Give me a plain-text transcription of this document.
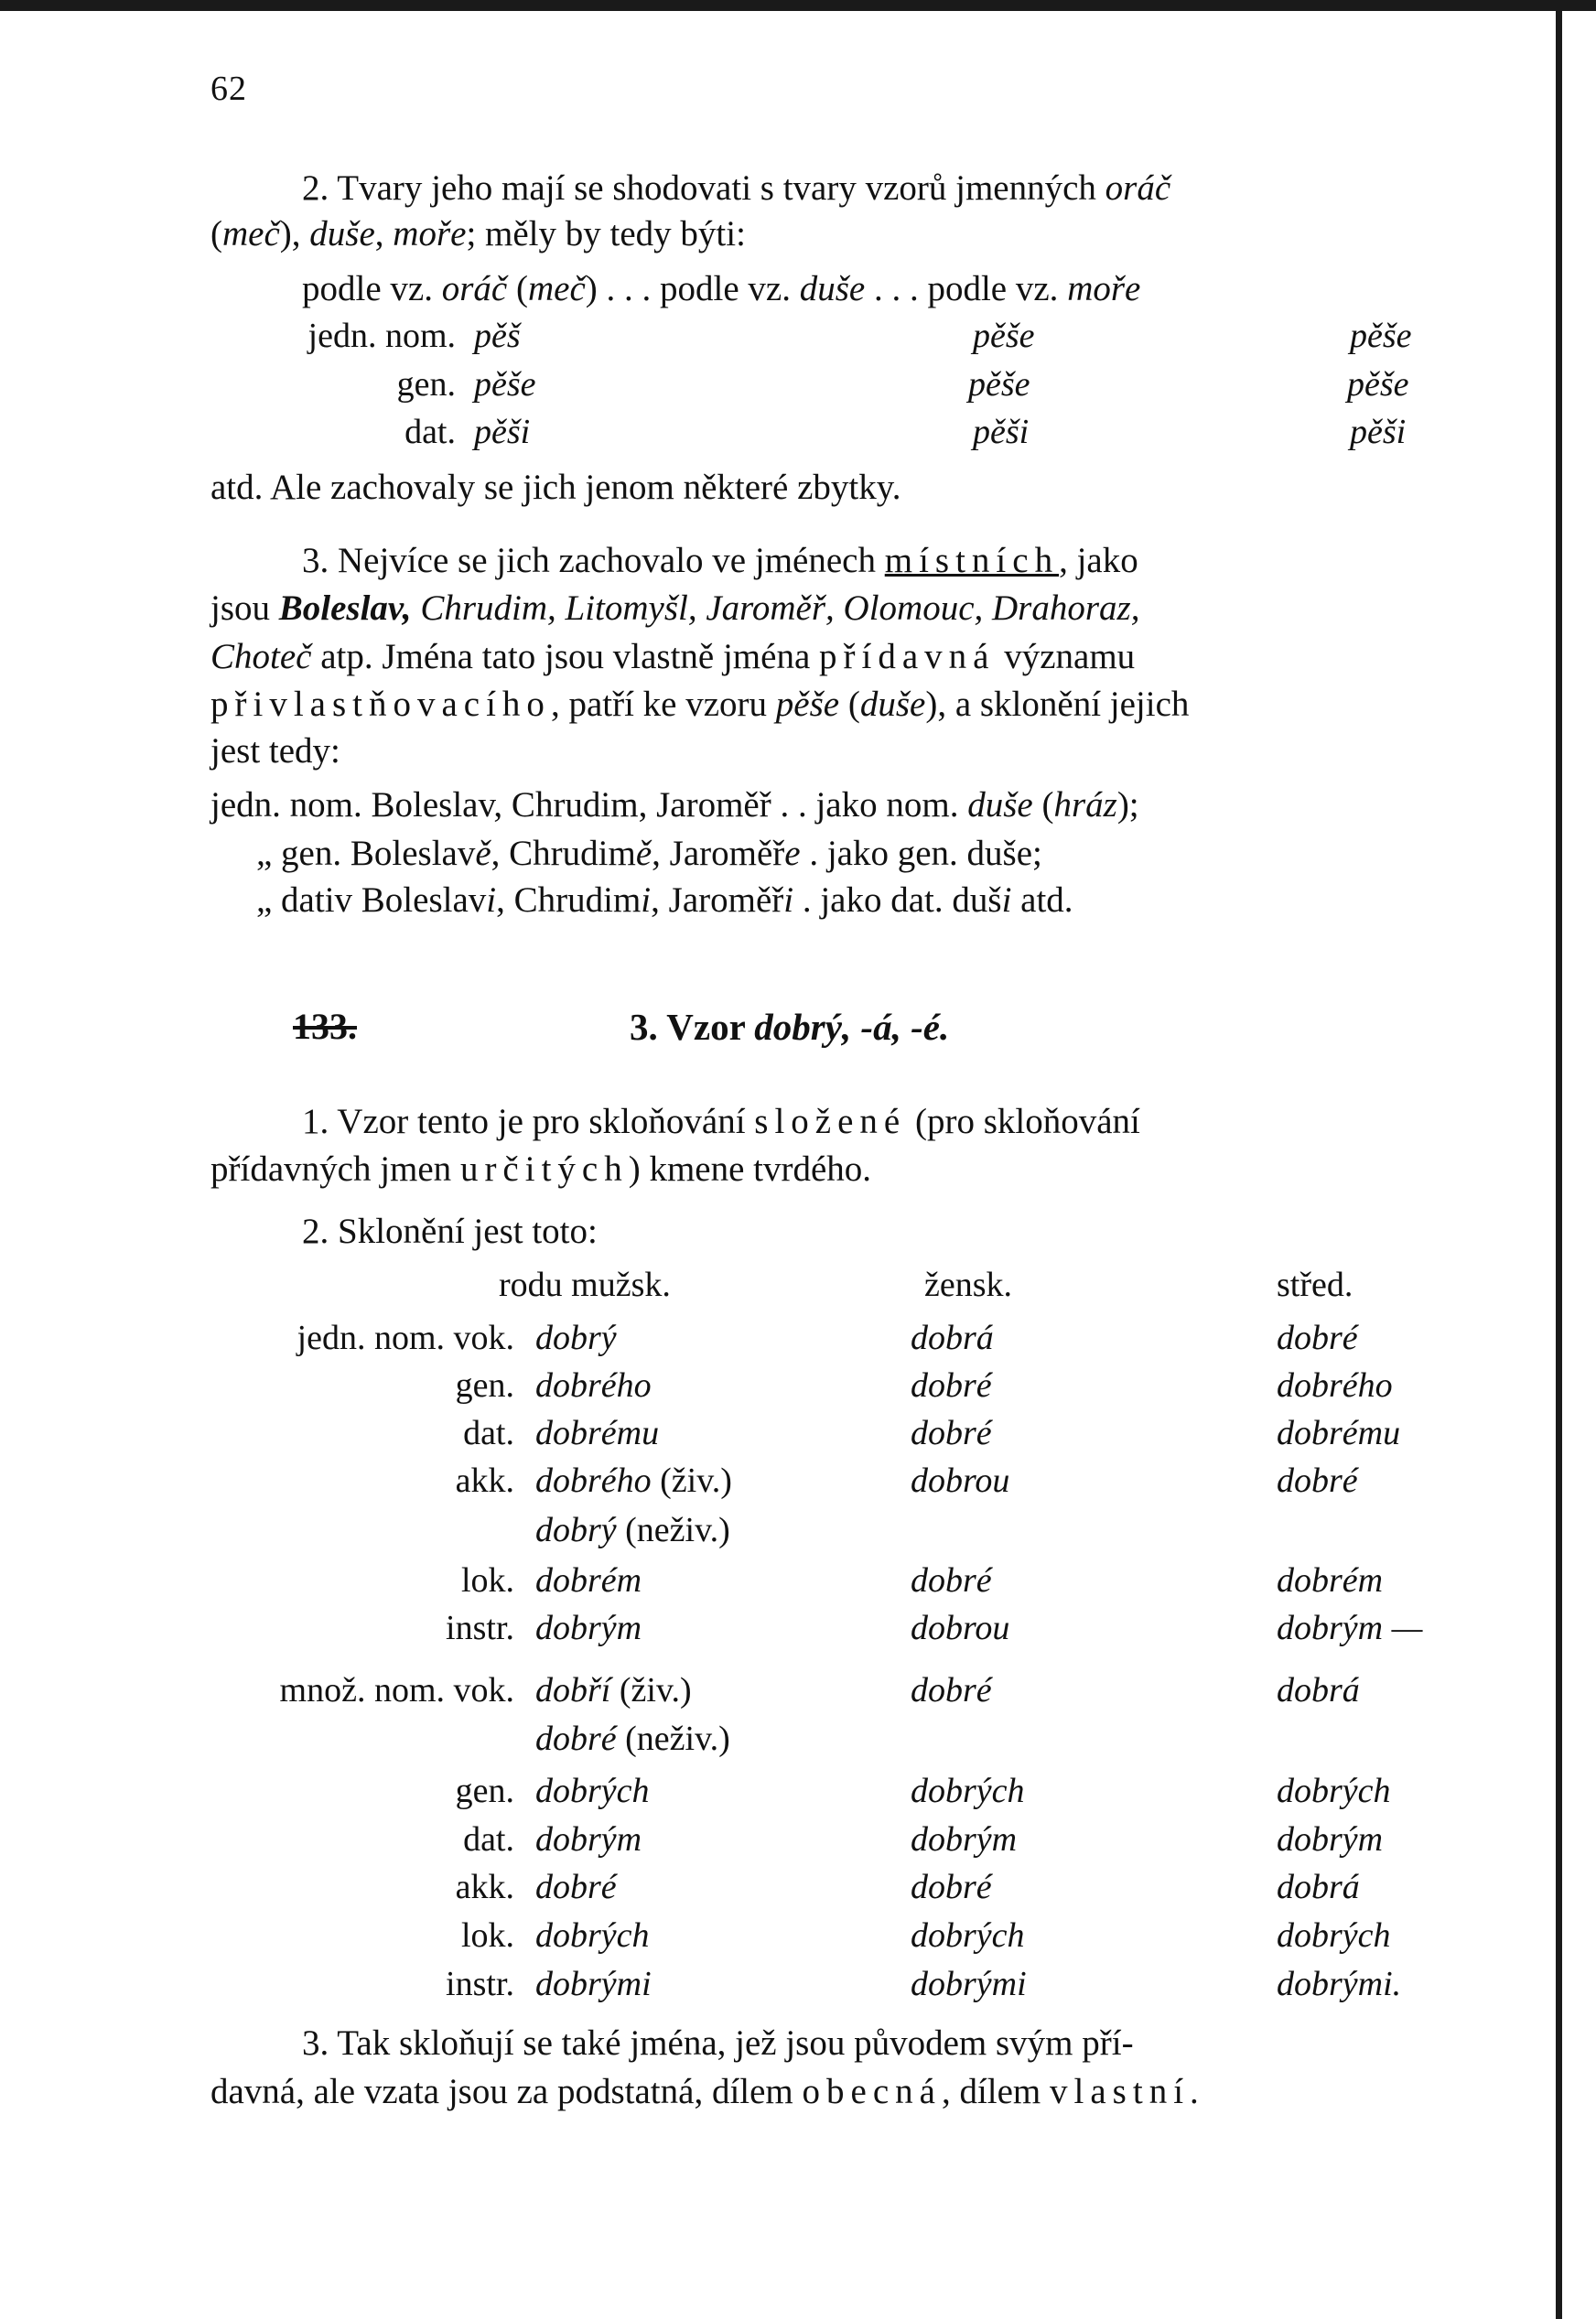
62
2. Tvary jeho mají se shodovati s tvary vzorů jmenných oráč
(meč), duše, moře; měly by tedy býti:
podle vz. oráč (meč) . . . podle vz. duše . . . podle vz. moře
jedn. nom. pěš	pěše	pěše
gen. pěše	pěše	pěše
dat. pěši	pěši	pěši
atd. Ale zachovaly se jich jenom některé zbytky.
3. Nejvíce se jich zachovalo ve jménech místních, jako
jsou Boleslav, Chrudim, Litomyšl, Jaroměř, Olomouc, Drahoraz,
Choteč atp. Jména tato jsou vlastně jména přídavná významu
přivlastňovacího, patří ke vzoru pěše (duše), a sklonění jejich
jest tedy:
jedn. nom. Boleslav, Chrudim, Jaroměř . . jako nom. duše (hráz);
„ gen. Boleslavě, Chrudimě, Jaroměře . jako gen. duše;
„ dativ Boleslavi, Chrudimi, Jaroměři . jako dat. duši atd.
133.	3. Vzor dobrý, -á, -é.
1. Vzor tento je pro skloňování složené (pro skloňování
přídavných jmen určitých) kmene tvrdého.
2. Sklonění jest toto:
rodu mužsk.	žensk.	střed.
jedn. nom. vok. dobrý	dobrá	dobré
gen. dobrého	dobré	dobrého
dat. dobrému	dobré	dobrému
akk. dobrého (živ.)	dobrou	dobré
dobrý (neživ.)
lok. dobrém	dobré	dobrém
instr. dobrým	dobrou	dobrým —
množ. nom. vok. dobří (živ.)	dobré	dobrá
dobré (neživ.)
gen. dobrých	dobrých	dobrých
dat. dobrým	dobrým	dobrým
akk. dobré	dobré	dobrá
lok. dobrých	dobrých	dobrých
instr. dobrými	dobrými	dobrými.
3. Tak skloňují se také jména, jež jsou původem svým pří-
davná, ale vzata jsou za podstatná, dílem obecná, dílem vlastní.
